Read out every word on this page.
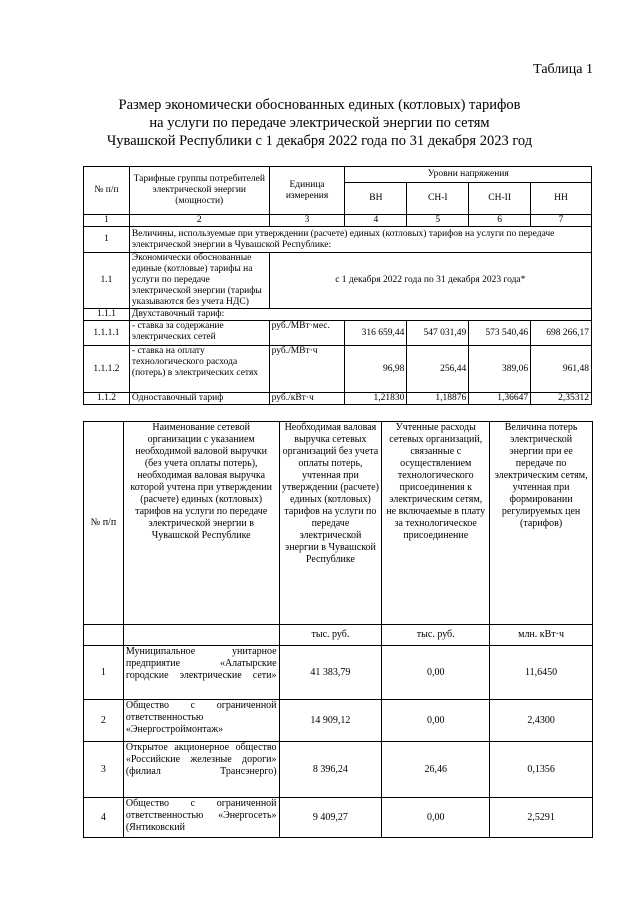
Таблица 1
Размер экономически обоснованных единых (котловых) тарифов
на услуги по передаче электрической энергии по сетям
Чувашской Республики с 1 декабря 2022 года по 31 декабря 2023 год
№ п/п	Тарифные группы потребителей электрической энергии (мощности)	Единица измерения	Уровни напряжения			
			ВН	СН-I	СН-II	НН
1	2	3	4	5	6	7
1	Величины, используемые при утверждении (расчете) единых (котловых) тарифов на услуги по передаче электрической энергии в Чувашской Республике:					
1.1	Экономически обоснованные единые (котловые) тарифы на услуги по передаче электрической энергии (тарифы указываются без учета НДС)	с 1 декабря 2022 года по 31 декабря 2023 года*				
1.1.1	Двухставочный тариф:					
1.1.1.1	- ставка за содержание электрических сетей	руб./МВт·мес.	316 659,44	547 031,49	573 540,46	698 266,17
1.1.1.2	- ставка на оплату технологического расхода (потерь) в электрических сетях	руб./МВт·ч	96,98	256,44	389,06	961,48
1.1.2	Одноставочный тариф	руб./кВт·ч	1,21830	1,18876	1,36647	2,35312
№ п/п	Наименование сетевой организации с указанием необходимой валовой выручки (без учета оплаты потерь), необходимая валовая выручка которой учтена при утверждении (расчете) единых (котловых) тарифов на услуги по передаче электрической энергии в Чувашской Республике	Необходимая валовая выручка сетевых организаций без учета оплаты потерь, учтенная при утверждении (расчете) единых (котловых) тарифов на услуги по передаче электрической энергии в Чувашской Республике	Учтенные расходы сетевых организаций, связанные с осуществлением технологического присоединения к электрическим сетям, не включаемые в плату за технологическое присоединение	Величина потерь электрической энергии при ее передаче по электрическим сетям, учтенная при формировании регулируемых цен (тарифов)
		тыс. руб.	тыс. руб.	млн. кВт·ч
1	Муниципальное унитарное предприятие «Алатырские городские электрические сети»	41 383,79	0,00	11,6450
2	Общество с ограниченной ответственностью «Энергостроймонтаж»	14 909,12	0,00	2,4300
3	Открытое акционерное общество «Российские железные дороги» (филиал Трансэнерго)	8 396,24	26,46	0,1356
4	Общество с ограниченной ответственностью «Энергосеть» (Янтиковский	9 409,27	0,00	2,5291
